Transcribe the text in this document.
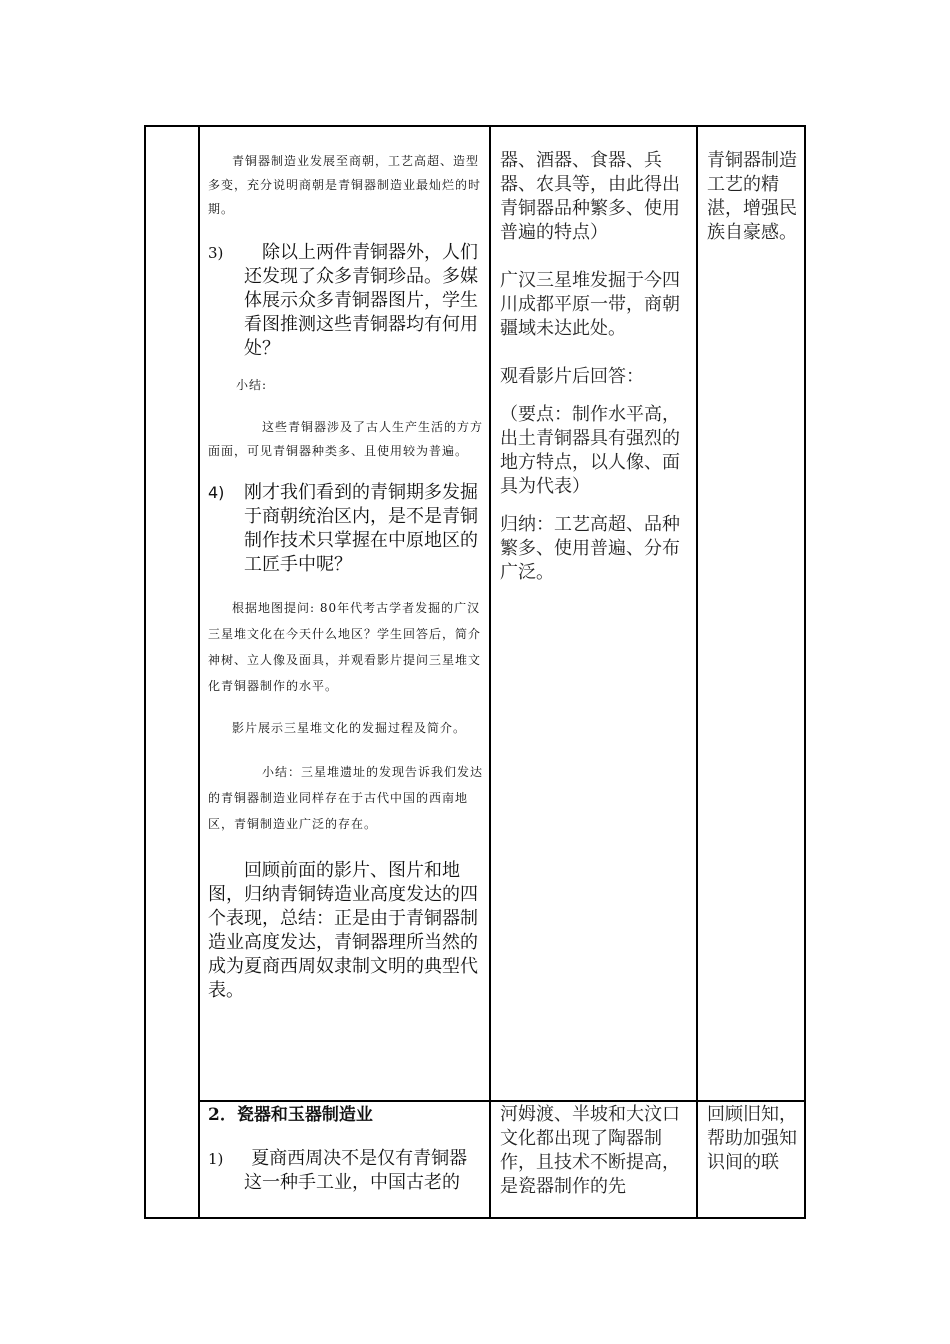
青铜器制造业发展至商朝，工艺高超、造型多变，充分说明商朝是青铜器制造业最灿烂的时期。

3)	除以上两件青铜器外，人们还发现了众多青铜珍品。多媒体展示众多青铜器图片，学生看图推测这些青铜器均有何用处？

小结:

这些青铜器涉及了古人生产生活的方方面面，可见青铜器种类多、且使用较为普遍。

4) 刚才我们看到的青铜期多发掘于商朝统治区内，是不是青铜制作技术只掌握在中原地区的工匠手中呢？

根据地图提问: 80年代考古学者发掘的广汉三星堆文化在今天什么地区？学生回答后，简介神树、立人像及面具，并观看影片提问三星堆文化青铜器制作的水平。

影片展示三星堆文化的发掘过程及简介。

小结：三星堆遗址的发现告诉我们发达的青铜器制造业同样存在于古代中国的西南地区，青铜制造业广泛的存在。

回顾前面的影片、图片和地图，归纳青铜铸造业高度发达的四个表现，总结：正是由于青铜器制造业高度发达，青铜器理所当然的成为夏商西周奴隶制文明的典型代表。

2．瓷器和玉器制造业

1)	夏商西周决不是仅有青铜器这一种手工业，中国古老的

器、酒器、食器、兵器、农具等，由此得出青铜器品种繁多、使用普遍的特点）

广汉三星堆发掘于今四川成都平原一带，商朝疆域未达此处。

观看影片后回答：

（要点：制作水平高，出土青铜器具有强烈的地方特点，以人像、面具为代表）

归纳：工艺高超、品种繁多、使用普遍、分布广泛。

河姆渡、半坡和大汶口文化都出现了陶器制作，且技术不断提高，是瓷器制作的先

青铜器制造工艺的精湛，增强民族自豪感。

回顾旧知，帮助加强知识间的联
